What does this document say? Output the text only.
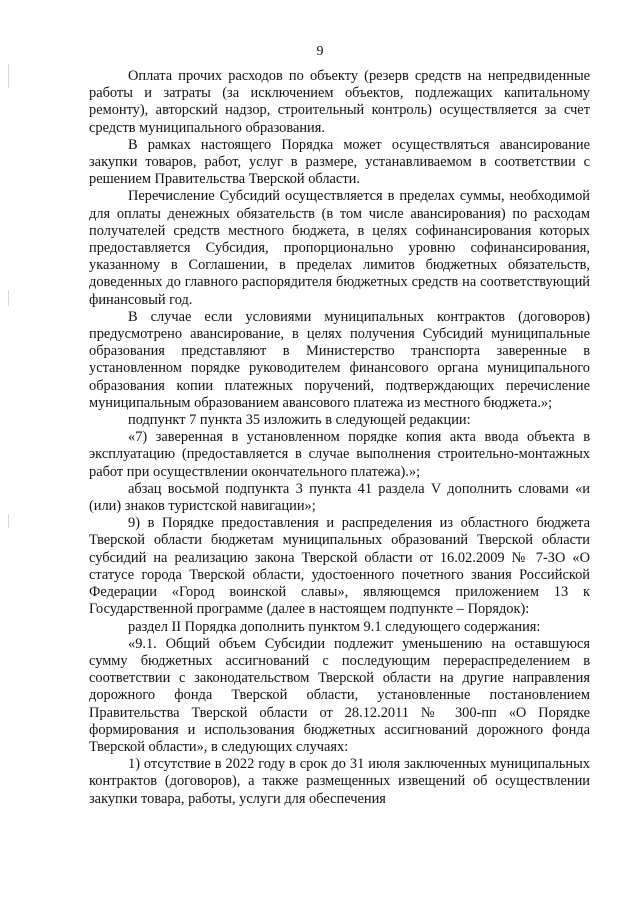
9

Оплата прочих расходов по объекту (резерв средств на непредвиденные работы и затраты (за исключением объектов, подлежащих капитальному ремонту), авторский надзор, строительный контроль) осуществляется за счет средств муниципального образования.

В рамках настоящего Порядка может осуществляться авансирование закупки товаров, работ, услуг в размере, устанавливаемом в соответствии с решением Правительства Тверской области.

Перечисление Субсидий осуществляется в пределах суммы, необходимой для оплаты денежных обязательств (в том числе авансирования) по расходам получателей средств местного бюджета, в целях софинансирования которых предоставляется Субсидия, пропорционально уровню софинансирования, указанному в Соглашении, в пределах лимитов бюджетных обязательств, доведенных до главного распорядителя бюджетных средств на соответствующий финансовый год.

В случае если условиями муниципальных контрактов (договоров) предусмотрено авансирование, в целях получения Субсидий муниципальные образования представляют в Министерство транспорта заверенные в установленном порядке руководителем финансового органа муниципального образования копии платежных поручений, подтверждающих перечисление муниципальным образованием авансового платежа из местного бюджета.»;

подпункт 7 пункта 35 изложить в следующей редакции:

«7) заверенная в установленном порядке копия акта ввода объекта в эксплуатацию (предоставляется в случае выполнения строительно-монтажных работ при осуществлении окончательного платежа).»;

абзац восьмой подпункта 3 пункта 41 раздела V дополнить словами «и (или) знаков туристской навигации»;

9) в Порядке предоставления и распределения из областного бюджета Тверской области бюджетам муниципальных образований Тверской области субсидий на реализацию закона Тверской области от 16.02.2009 № 7-ЗО «О статусе города Тверской области, удостоенного почетного звания Российской Федерации «Город воинской славы», являющемся приложением 13 к Государственной программе (далее в настоящем подпункте – Порядок):

раздел II Порядка дополнить пунктом 9.1 следующего содержания:

«9.1. Общий объем Субсидии подлежит уменьшению на оставшуюся сумму бюджетных ассигнований с последующим перераспределением в соответствии с законодательством Тверской области на другие направления дорожного фонда Тверской области, установленные постановлением Правительства Тверской области от 28.12.2011 № 300-пп «О Порядке формирования и использования бюджетных ассигнований дорожного фонда Тверской области», в следующих случаях:

1) отсутствие в 2022 году в срок до 31 июля заключенных муниципальных контрактов (договоров), а также размещенных извещений об осуществлении закупки товара, работы, услуги для обеспечения
